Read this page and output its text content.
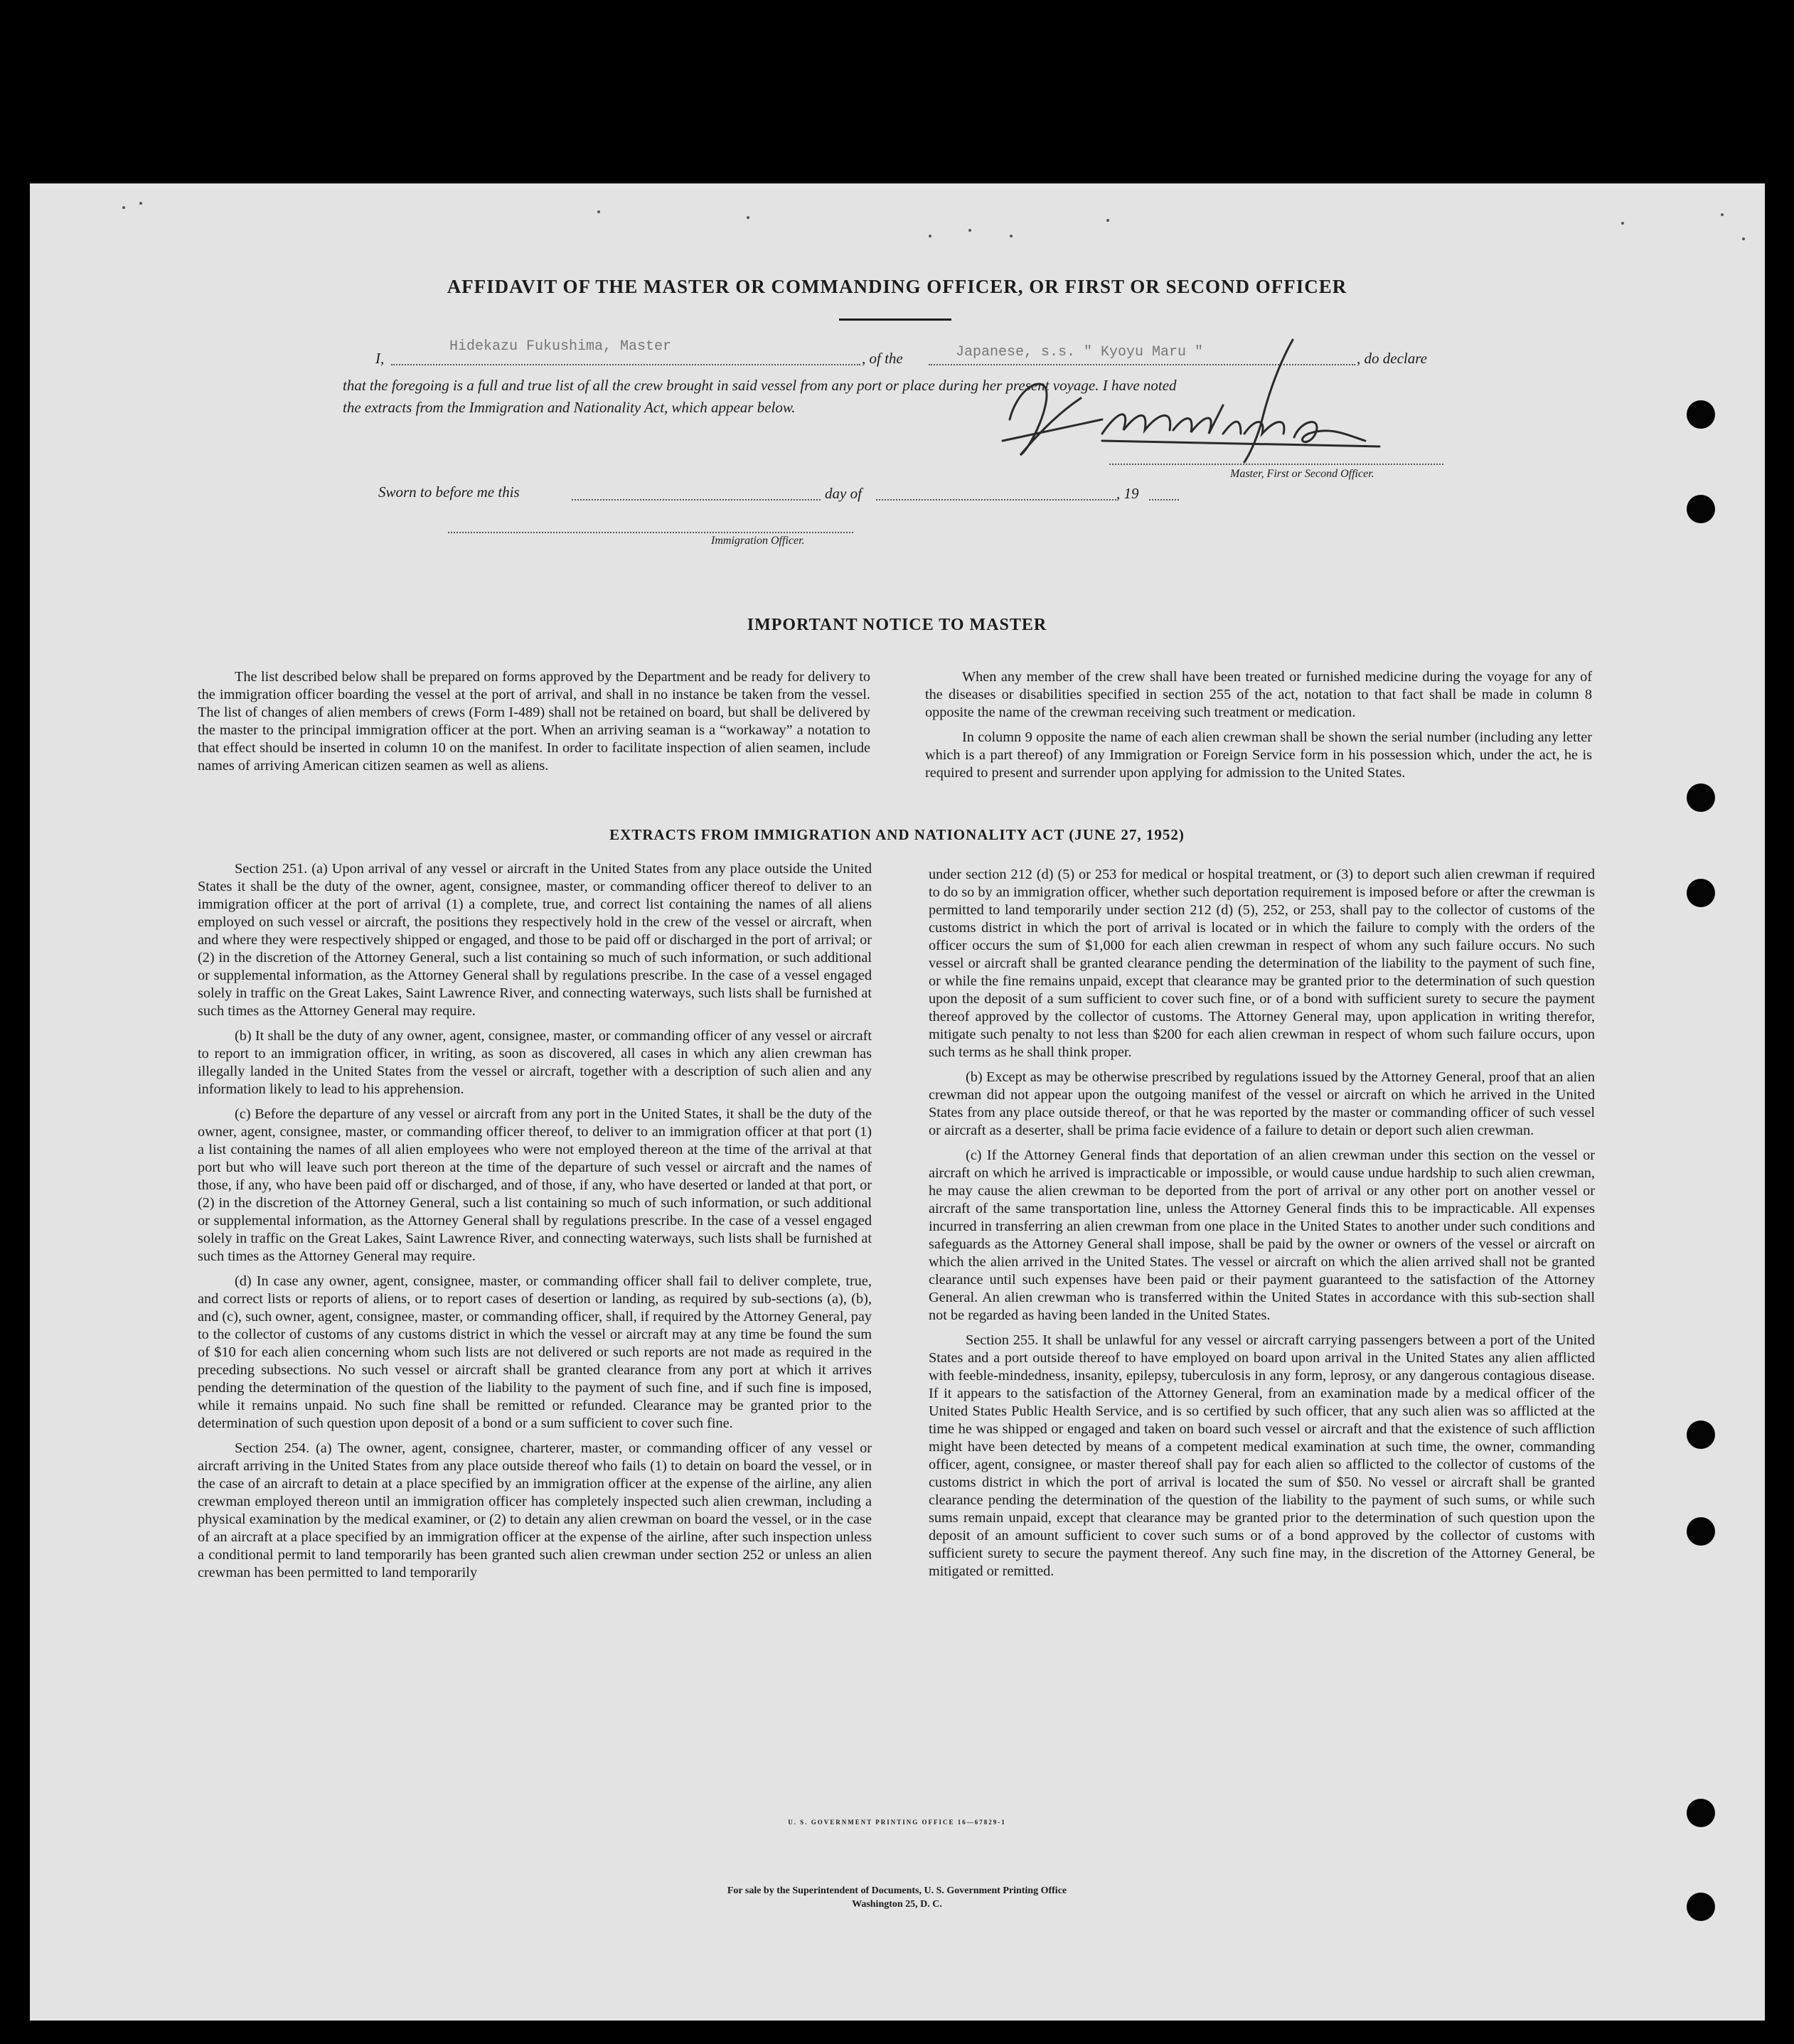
AFFIDAVIT OF THE MASTER OR COMMANDING OFFICER, OR FIRST OR SECOND OFFICER
I,
Hidekazu Fukushima, Master
, of the	Japanese, s.s. " Kyoyu Maru "	, do declare
that the foregoing is a full and true list of all the crew brought in said vessel from any port or place during her present voyage. I have noted
the extracts from the Immigration and Nationality Act, which appear below.
Master, First or Second Officer.
Sworn to before me this	day of	, 19
Immigration Officer.
IMPORTANT NOTICE TO MASTER

The list described below shall be prepared on forms approved by the Department and be ready for delivery to the immigration officer boarding the vessel at the port of arrival, and shall in no instance be taken from the vessel. The list of changes of alien members of crews (Form I-489) shall not be retained on board, but shall be delivered by the master to the principal immigration officer at the port. When an arriving seaman is a “workaway” a notation to that effect should be inserted in column 10 on the manifest. In order to facilitate inspection of alien seamen, include names of arriving American citizen seamen as well as aliens.

When any member of the crew shall have been treated or furnished medicine during the voyage for any of the diseases or disabilities specified in section 255 of the act, notation to that fact shall be made in column 8 opposite the name of the crewman receiving such treatment or medication.

In column 9 opposite the name of each alien crewman shall be shown the serial number (including any letter which is a part thereof) of any Immigration or Foreign Service form in his possession which, under the act, he is required to present and surrender upon applying for admission to the United States.

EXTRACTS FROM IMMIGRATION AND NATIONALITY ACT (JUNE 27, 1952)

Section 251. (a) Upon arrival of any vessel or aircraft in the United States from any place outside the United States it shall be the duty of the owner, agent, consignee, master, or commanding officer thereof to deliver to an immigration officer at the port of arrival (1) a complete, true, and correct list containing the names of all aliens employed on such vessel or aircraft, the positions they respectively hold in the crew of the vessel or aircraft, when and where they were respectively shipped or engaged, and those to be paid off or discharged in the port of arrival; or (2) in the discretion of the Attorney General, such a list containing so much of such information, or such additional or supplemental information, as the Attorney General shall by regulations prescribe. In the case of a vessel engaged solely in traffic on the Great Lakes, Saint Lawrence River, and connecting waterways, such lists shall be furnished at such times as the Attorney General may require.

(b) It shall be the duty of any owner, agent, consignee, master, or commanding officer of any vessel or aircraft to report to an immigration officer, in writing, as soon as discovered, all cases in which any alien crewman has illegally landed in the United States from the vessel or aircraft, together with a description of such alien and any information likely to lead to his apprehension.

(c) Before the departure of any vessel or aircraft from any port in the United States, it shall be the duty of the owner, agent, consignee, master, or commanding officer thereof, to deliver to an immigration officer at that port (1) a list containing the names of all alien employees who were not employed thereon at the time of the arrival at that port but who will leave such port thereon at the time of the departure of such vessel or aircraft and the names of those, if any, who have been paid off or discharged, and of those, if any, who have deserted or landed at that port, or (2) in the discretion of the Attorney General, such a list containing so much of such information, or such additional or supplemental information, as the Attorney General shall by regulations prescribe. In the case of a vessel engaged solely in traffic on the Great Lakes, Saint Lawrence River, and connecting waterways, such lists shall be furnished at such times as the Attorney General may require.

(d) In case any owner, agent, consignee, master, or commanding officer shall fail to deliver complete, true, and correct lists or reports of aliens, or to report cases of desertion or landing, as required by sub-sections (a), (b), and (c), such owner, agent, consignee, master, or commanding officer, shall, if required by the Attorney General, pay to the collector of customs of any customs district in which the vessel or aircraft may at any time be found the sum of $10 for each alien concerning whom such lists are not delivered or such reports are not made as required in the preceding subsections. No such vessel or aircraft shall be granted clearance from any port at which it arrives pending the determination of the question of the liability to the payment of such fine, and if such fine is imposed, while it remains unpaid. No such fine shall be remitted or refunded. Clearance may be granted prior to the determination of such question upon deposit of a bond or a sum sufficient to cover such fine.

Section 254. (a) The owner, agent, consignee, charterer, master, or commanding officer of any vessel or aircraft arriving in the United States from any place outside thereof who fails (1) to detain on board the vessel, or in the case of an aircraft to detain at a place specified by an immigration officer at the expense of the airline, any alien crewman employed thereon until an immigration officer has completely inspected such alien crewman, including a physical examination by the medical examiner, or (2) to detain any alien crewman on board the vessel, or in the case of an aircraft at a place specified by an immigration officer at the expense of the airline, after such inspection unless a conditional permit to land temporarily has been granted such alien crewman under section 252 or unless an alien crewman has been permitted to land temporarily

under section 212 (d) (5) or 253 for medical or hospital treatment, or (3) to deport such alien crewman if required to do so by an immigration officer, whether such deportation requirement is imposed before or after the crewman is permitted to land temporarily under section 212 (d) (5), 252, or 253, shall pay to the collector of customs of the customs district in which the port of arrival is located or in which the failure to comply with the orders of the officer occurs the sum of $1,000 for each alien crewman in respect of whom any such failure occurs. No such vessel or aircraft shall be granted clearance pending the determination of the liability to the payment of such fine, or while the fine remains unpaid, except that clearance may be granted prior to the determination of such question upon the deposit of a sum sufficient to cover such fine, or of a bond with sufficient surety to secure the payment thereof approved by the collector of customs. The Attorney General may, upon application in writing therefor, mitigate such penalty to not less than $200 for each alien crewman in respect of whom such failure occurs, upon such terms as he shall think proper.

(b) Except as may be otherwise prescribed by regulations issued by the Attorney General, proof that an alien crewman did not appear upon the outgoing manifest of the vessel or aircraft on which he arrived in the United States from any place outside thereof, or that he was reported by the master or commanding officer of such vessel or aircraft as a deserter, shall be prima facie evidence of a failure to detain or deport such alien crewman.

(c) If the Attorney General finds that deportation of an alien crewman under this section on the vessel or aircraft on which he arrived is impracticable or impossible, or would cause undue hardship to such alien crewman, he may cause the alien crewman to be deported from the port of arrival or any other port on another vessel or aircraft of the same transportation line, unless the Attorney General finds this to be impracticable. All expenses incurred in transferring an alien crewman from one place in the United States to another under such conditions and safeguards as the Attorney General shall impose, shall be paid by the owner or owners of the vessel or aircraft on which the alien arrived in the United States. The vessel or aircraft on which the alien arrived shall not be granted clearance until such expenses have been paid or their payment guaranteed to the satisfaction of the Attorney General. An alien crewman who is transferred within the United States in accordance with this sub-section shall not be regarded as having been landed in the United States.

Section 255. It shall be unlawful for any vessel or aircraft carrying passengers between a port of the United States and a port outside thereof to have employed on board upon arrival in the United States any alien afflicted with feeble-mindedness, insanity, epilepsy, tuberculosis in any form, leprosy, or any dangerous contagious disease. If it appears to the satisfaction of the Attorney General, from an examination made by a medical officer of the United States Public Health Service, and is so certified by such officer, that any such alien was so afflicted at the time he was shipped or engaged and taken on board such vessel or aircraft and that the existence of such affliction might have been detected by means of a competent medical examination at such time, the owner, commanding officer, agent, consignee, or master thereof shall pay for each alien so afflicted to the collector of customs of the customs district in which the port of arrival is located the sum of $50. No vessel or aircraft shall be granted clearance pending the determination of the question of the liability to the payment of such sums, or while such sums remain unpaid, except that clearance may be granted prior to the determination of such question upon the deposit of an amount sufficient to cover such sums or of a bond approved by the collector of customs with sufficient surety to secure the payment thereof. Any such fine may, in the discretion of the Attorney General, be mitigated or remitted.

U. S. GOVERNMENT PRINTING OFFICE 16—67829-1
For sale by the Superintendent of Documents, U. S. Government Printing Office
Washington 25, D. C.
